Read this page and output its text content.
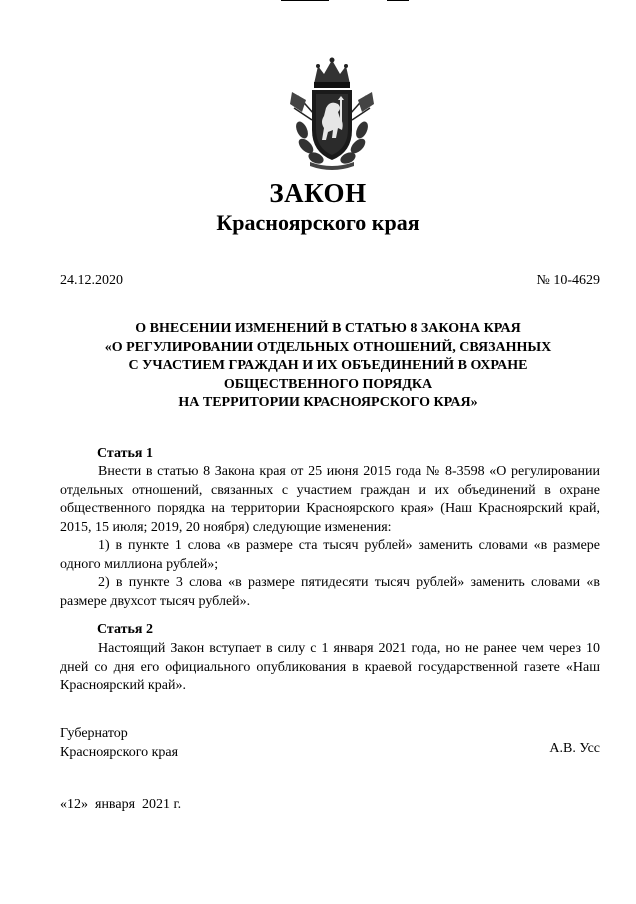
ЗАКОН
Красноярского края
24.12.2020	№ 10-4629
О ВНЕСЕНИИ ИЗМЕНЕНИЙ В СТАТЬЮ 8 ЗАКОНА КРАЯ
«О РЕГУЛИРОВАНИИ ОТДЕЛЬНЫХ ОТНОШЕНИЙ, СВЯЗАННЫХ
С УЧАСТИЕМ ГРАЖДАН И ИХ ОБЪЕДИНЕНИЙ В ОХРАНЕ
ОБЩЕСТВЕННОГО ПОРЯДКА
НА ТЕРРИТОРИИ КРАСНОЯРСКОГО КРАЯ»
Статья 1
Внести в статью 8 Закона края от 25 июня 2015 года № 8-3598 «О регулировании отдельных отношений, связанных с участием граждан и их объединений в охране общественного порядка на территории Красноярского края» (Наш Красноярский край, 2015, 15 июля; 2019, 20 ноября) следующие изменения:
1) в пункте 1 слова «в размере ста тысяч рублей» заменить словами «в размере одного миллиона рублей»;
2) в пункте 3 слова «в размере пятидесяти тысяч рублей» заменить словами «в размере двухсот тысяч рублей».
Статья 2
Настоящий Закон вступает в силу с 1 января 2021 года, но не ранее чем через 10 дней со дня его официального опубликования в краевой государственной газете «Наш Красноярский край».
Губернатор
Красноярского края	А.В. Усс
«12»  января  2021 г.
